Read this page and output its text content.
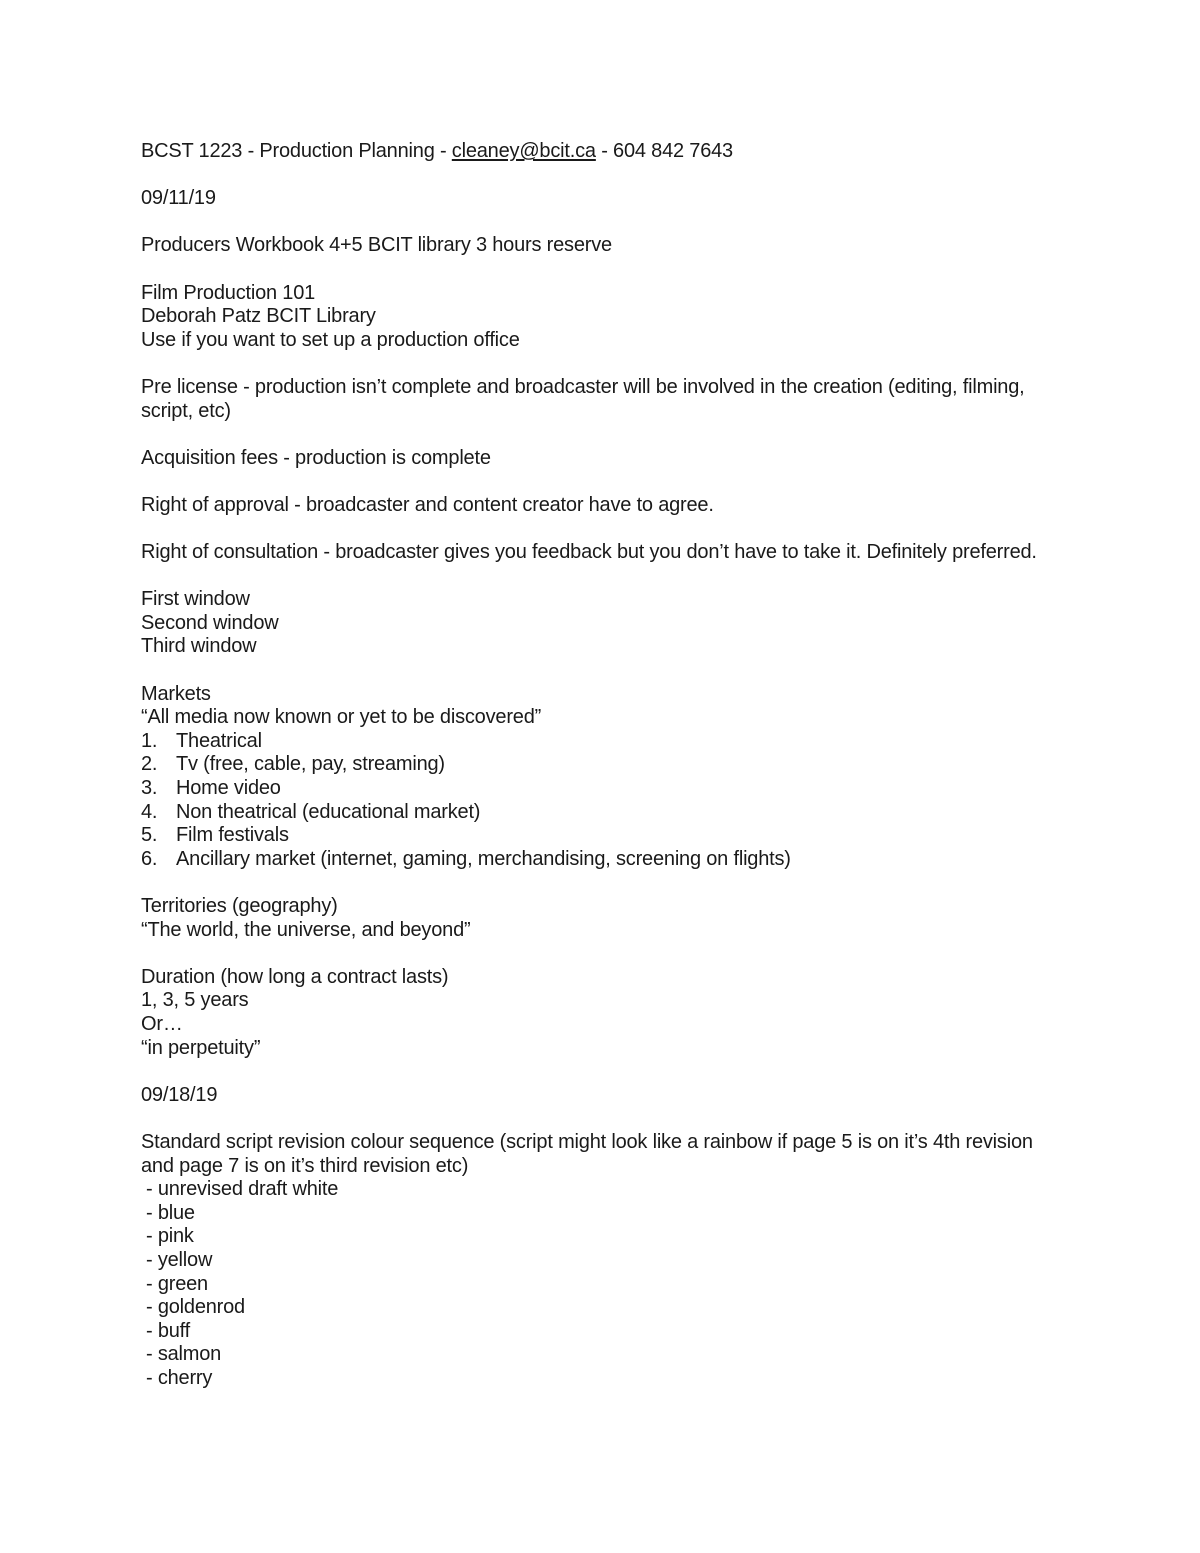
BCST 1223 - Production Planning - cleaney@bcit.ca - 604 842 7643
09/11/19
Producers Workbook 4+5 BCIT library 3 hours reserve
Film Production 101
Deborah Patz BCIT Library
Use if you want to set up a production office
Pre license - production isn’t complete and broadcaster will be involved in the creation (editing, filming, script, etc)
Acquisition fees - production is complete
Right of approval - broadcaster and content creator have to agree.
Right of consultation - broadcaster gives you feedback but you don’t have to take it. Definitely preferred.
First window
Second window
Third window
Markets
“All media now known or yet to be discovered”
1. Theatrical
2. Tv (free, cable, pay, streaming)
3. Home video
4. Non theatrical (educational market)
5. Film festivals
6. Ancillary market (internet, gaming, merchandising, screening on flights)
Territories (geography)
“The world, the universe, and beyond”
Duration (how long a contract lasts)
1, 3, 5 years
Or…
“in perpetuity”
09/18/19
Standard script revision colour sequence (script might look like a rainbow if page 5 is on it’s 4th revision and page 7 is on it’s third revision etc)
- unrevised draft white
- blue
- pink
- yellow
- green
- goldenrod
- buff
- salmon
- cherry
